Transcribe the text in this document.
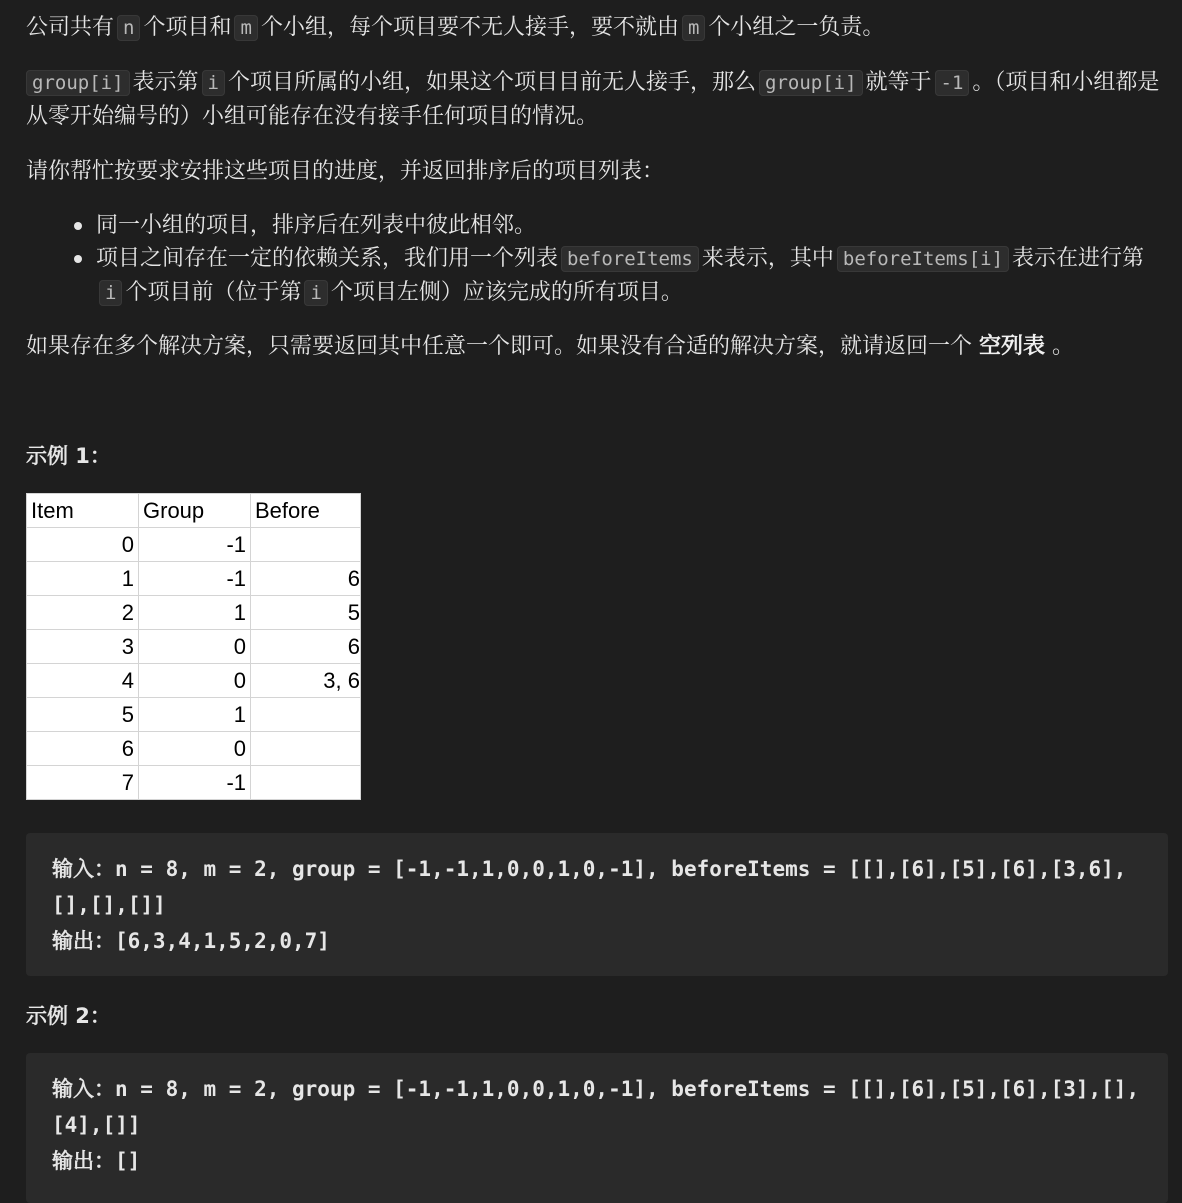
公司共有 n 个项目和 m 个小组，每个项目要不无人接手，要不就由 m 个小组之一负责。

group[i] 表示第 i 个项目所属的小组，如果这个项目目前无人接手，那么 group[i] 就等于 -1 。（项目和小组都是从零开始编号的）小组可能存在没有接手任何项目的情况。

请你帮忙按要求安排这些项目的进度，并返回排序后的项目列表：

同一小组的项目，排序后在列表中彼此相邻。
项目之间存在一定的依赖关系，我们用一个列表 beforeItems 来表示，其中 beforeItems[i] 表示在进行第i 个项目前（位于第 i 个项目左侧）应该完成的所有项目。

如果存在多个解决方案，只需要返回其中任意一个即可。如果没有合适的解决方案，就请返回一个 空列表 。

示例 1：
Item	Group	Before
0	-1	
1	-1	6
2	1	5
3	0	6
4	0	3, 6
5	1	
6	0	
7	-1	
输入：n = 8, m = 2, group = [-1,-1,1,0,0,1,0,-1], beforeItems = [[],[6],[5],[6],[3,6],[],[],[]]
输出：[6,3,4,1,5,2,0,7]
示例 2：
输入：n = 8, m = 2, group = [-1,-1,1,0,0,1,0,-1], beforeItems = [[],[6],[5],[6],[3],[],[4],[]]
输出：[]
